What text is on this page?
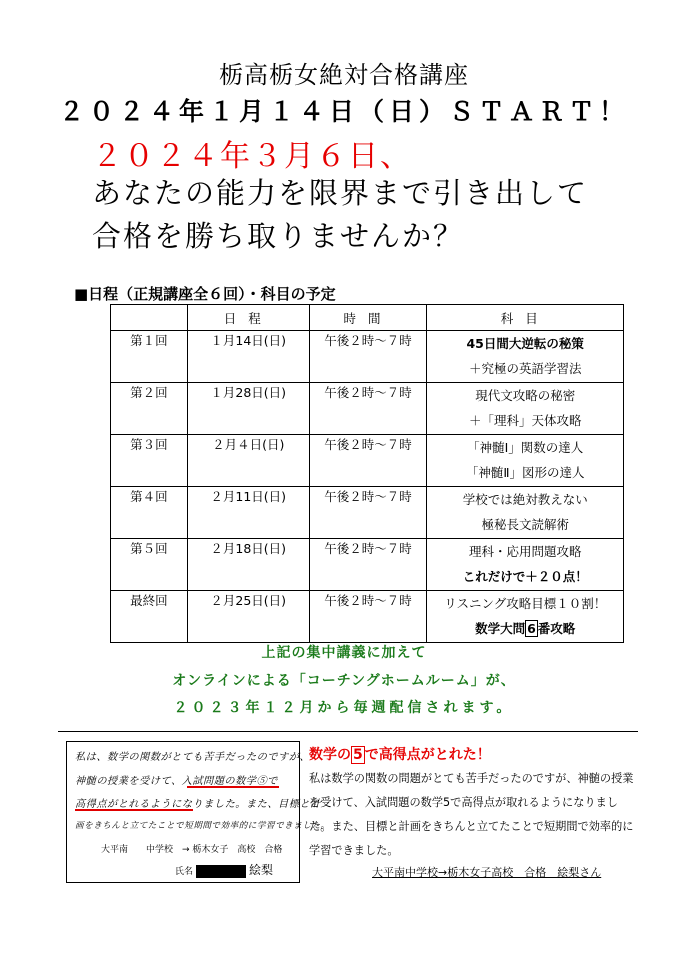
栃高栃女絶対合格講座
２０２４年１月１４日（日）ＳＴＡＲＴ！
２０２４年３月６日、
あなたの能力を限界まで引き出して
合格を勝ち取りませんか？
■日程（正規講座全６回）・科目の予定
	日程	時間	科目
第１回	１月14日(日)	午後２時～７時	45日間大逆転の秘策
＋究極の英語学習法

第２回	１月28日(日)	午後２時～７時	現代文攻略の秘密
＋「理科」天体攻略

第３回	２月４日(日)	午後２時～７時	「神髄Ⅰ」関数の達人
「神髄Ⅱ」図形の達人

第４回	２月11日(日)	午後２時～７時	学校では絶対教えない
極秘長文読解術

第５回	２月18日(日)	午後２時～７時	理科・応用問題攻略
これだけで＋２０点！

最終回	２月25日(日)	午後２時～７時	リスニング攻略目標１０割！
数学大問 6 番攻略
上記の集中講義に加えて
オンラインによる「コーチングホームルーム」が、
２０２３年１２月から毎週配信されます。
私は、数学の関数がとても苦手だったのですが、
神髄の授業を受けて、入試問題の数学⑤で
高得点がとれるようになりました。また、目標と計
画をきちんと立てたことで短期間で効率的に学習できました。
大平南　　中学校　→ 栃木女子　高校　合格
氏名	絵梨
数学の 5 で高得点がとれた！
私は数学の関数の問題がとても苦手だったのですが、神髄の授業を受けて、入試問題の数学5で高得点が取れるようになりました。また、目標と計画をきちんと立てたことで短期間で効率的に学習できました。
大平南中学校→栃木女子高校　合格　絵梨さん
